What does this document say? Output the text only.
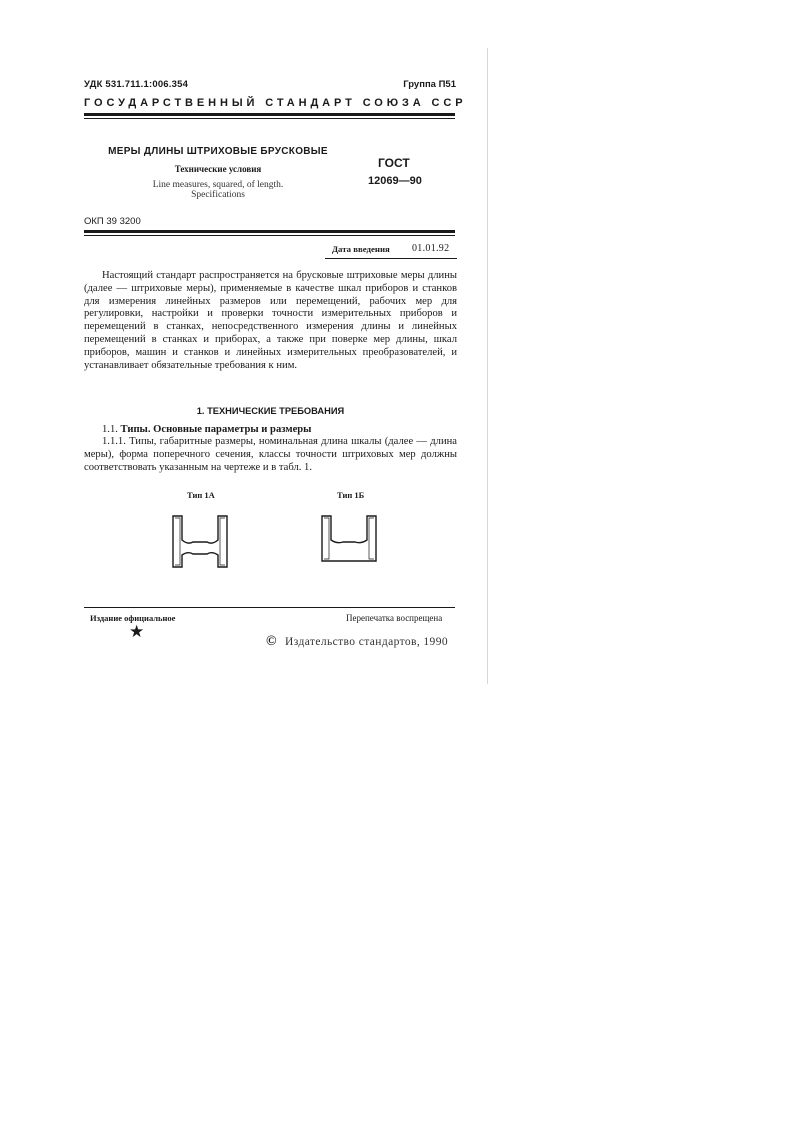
УДК 531.711.1:006.354	Группа П51
ГОСУДАРСТВЕННЫЙ СТАНДАРТ СОЮЗА ССР
МЕРЫ ДЛИНЫ ШТРИХОВЫЕ БРУСКОВЫЕ
Технические условия
Line measures, squared, of length.
Specifications
ГОСТ
12069—90
ОКП 39 3200
Дата введения 01.01.92
Настоящий стандарт распространяется на брусковые штриховые меры длины (далее — штриховые меры), применяемые в качестве шкал приборов и станков для измерения линейных размеров или перемещений, рабочих мер для регулировки, настройки и проверки точности измерительных приборов и перемещений в станках, непосредственного измерения длины и линейных перемещений в станках и приборах, а также при поверке мер длины, шкал приборов, машин и станков и линейных измерительных преобразователей, и устанавливает обязательные требования к ним.
1. ТЕХНИЧЕСКИЕ ТРЕБОВАНИЯ
1.1. Типы. Основные параметры и размеры
1.1.1. Типы, габаритные размеры, номинальная длина шкалы (далее — длина меры), форма поперечного сечения, классы точности штриховых мер должны соответствовать указанным на чертеже и в табл. 1.
Тип 1А	Тип 1Б
Издание официальное	Перепечатка воспрещена
★
© Издательство стандартов, 1990
